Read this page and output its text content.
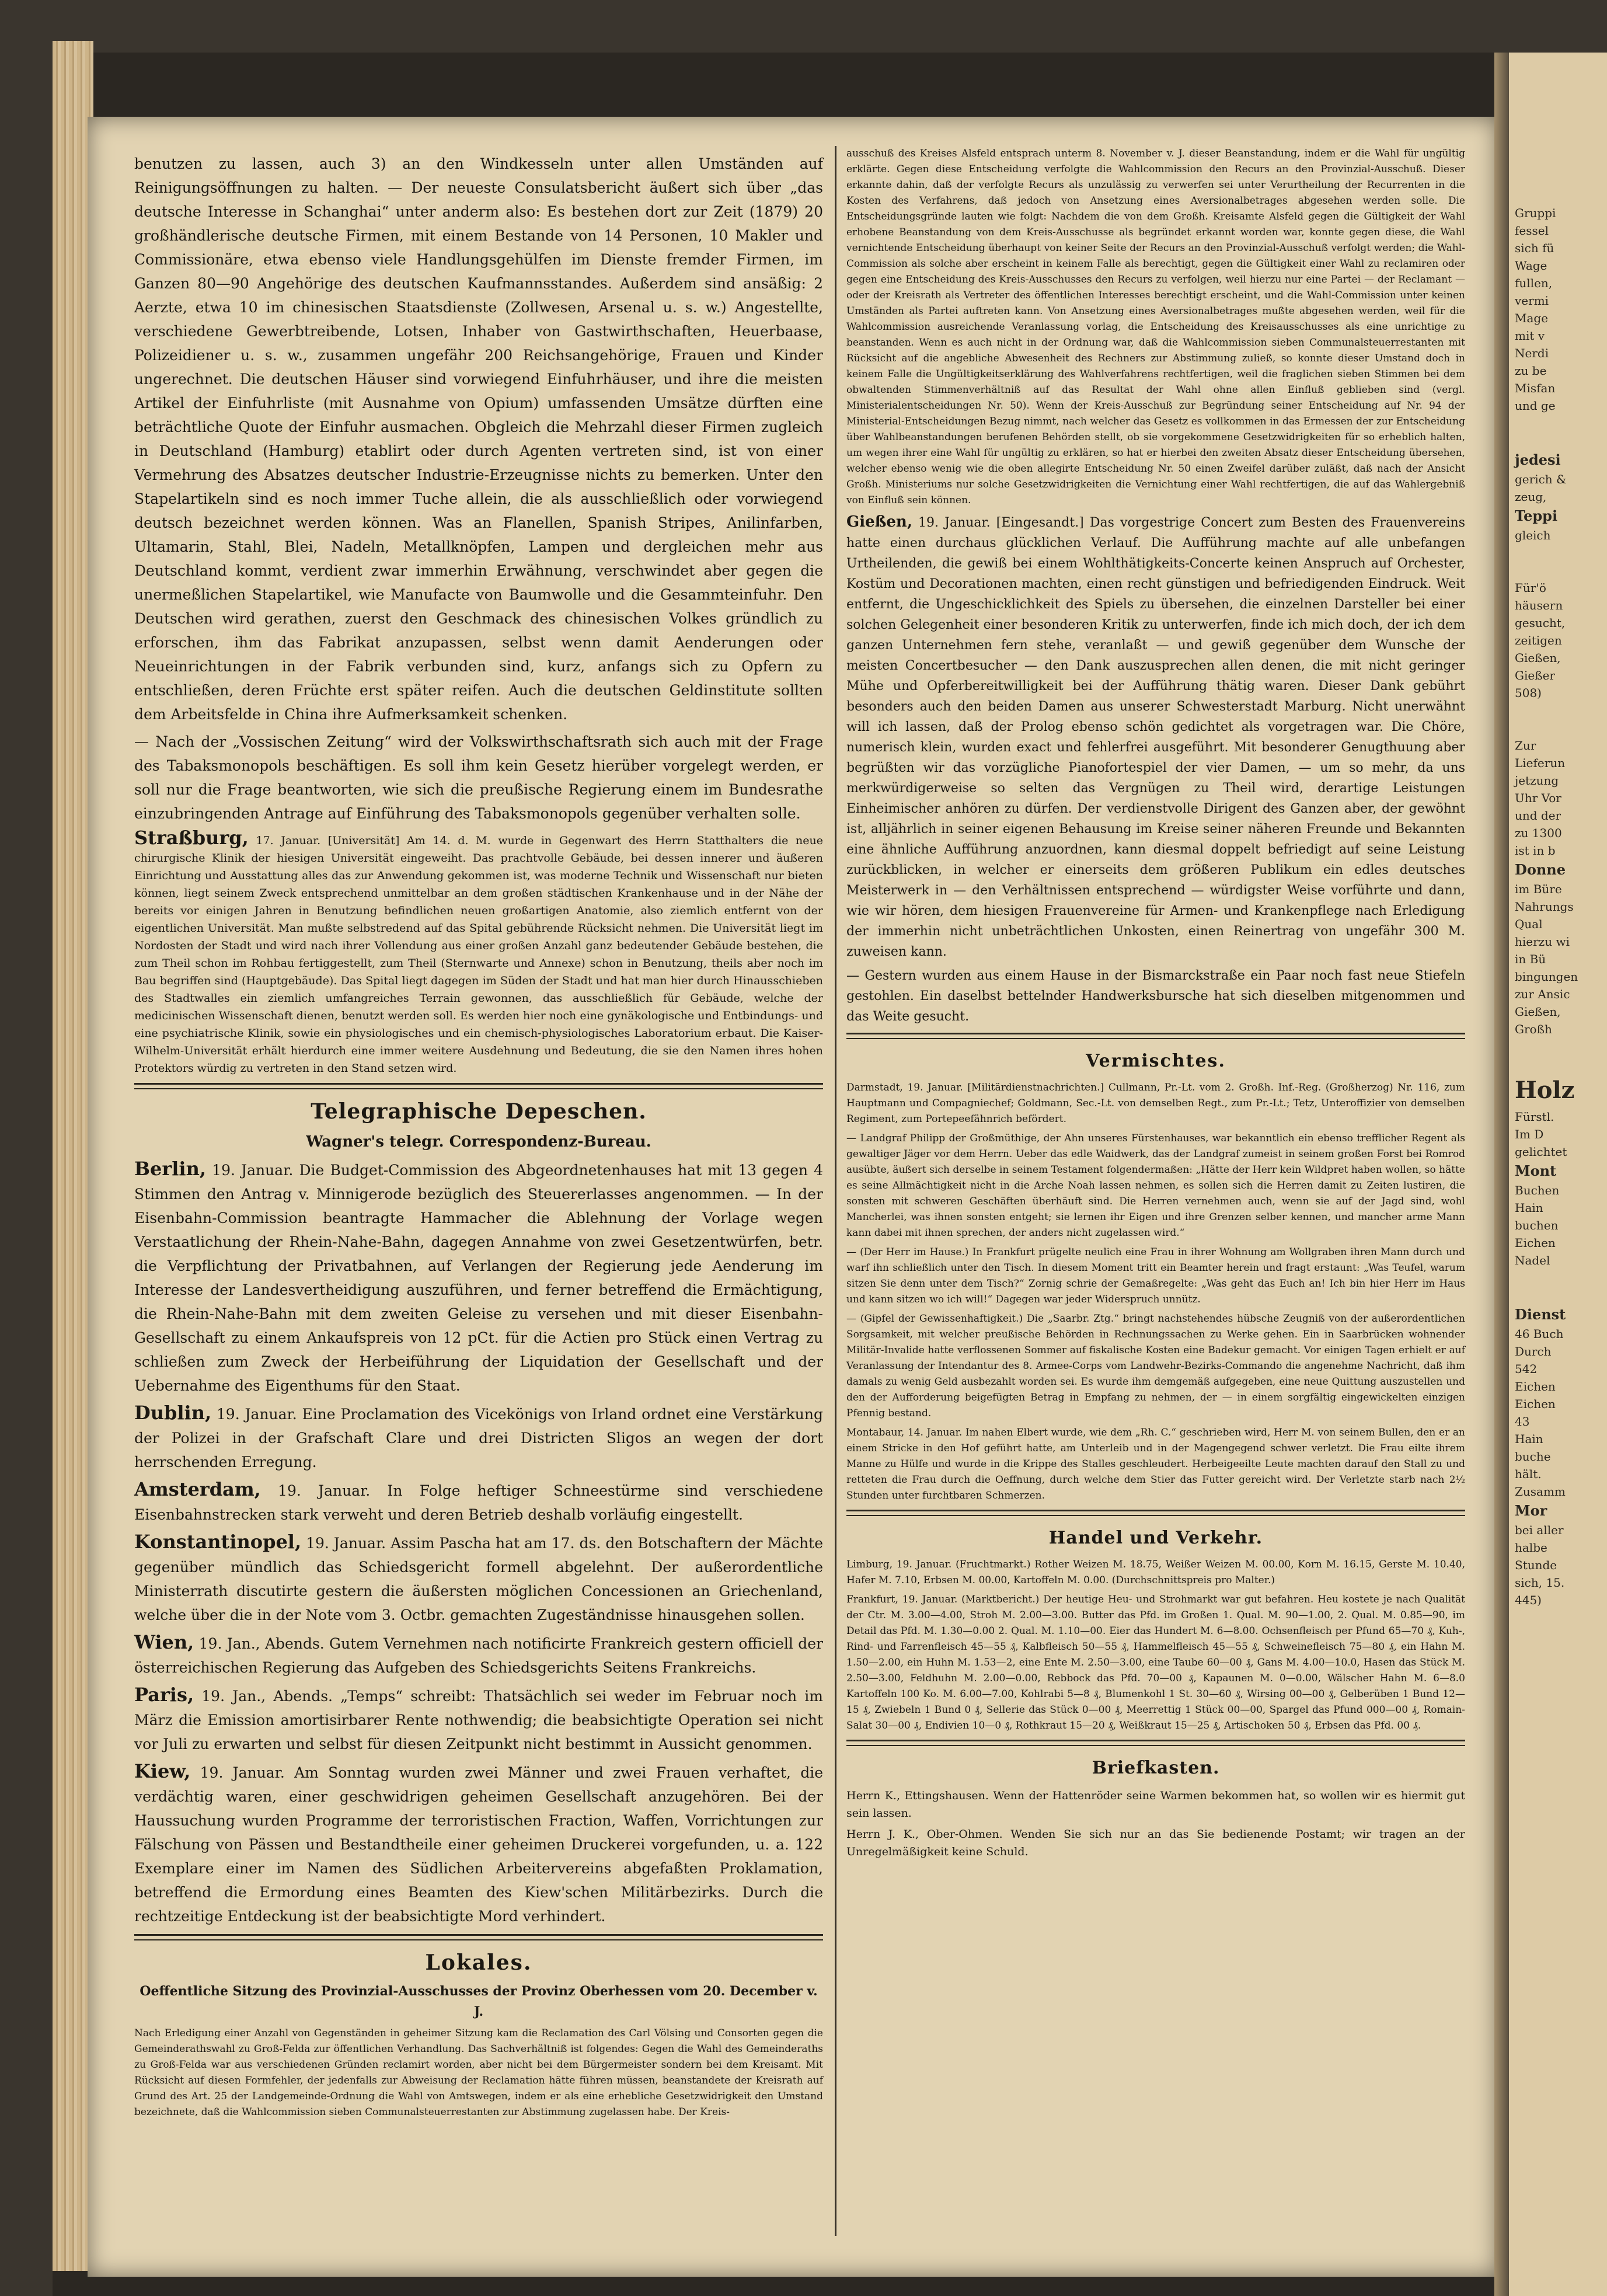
benutzen zu lassen, auch 3) an den Windkesseln unter allen Umständen auf Reinigungsöffnungen zu halten. — Der neueste Consulatsbericht äußert sich über „das deutsche Interesse in Schanghai“ unter anderm also: Es bestehen dort zur Zeit (1879) 20 großhändlerische deutsche Firmen, mit einem Bestande von 14 Personen, 10 Makler und Commissionäre, etwa ebenso viele Handlungsgehülfen im Dienste fremder Firmen, im Ganzen 80—90 Angehörige des deutschen Kaufmannsstandes. Außerdem sind ansäßig: 2 Aerzte, etwa 10 im chinesischen Staatsdienste (Zollwesen, Arsenal u. s. w.) Angestellte, verschiedene Gewerbtreibende, Lotsen, Inhaber von Gastwirthschaften, Heuerbaase, Polizeidiener u. s. w., zusammen ungefähr 200 Reichsangehörige, Frauen und Kinder ungerechnet. Die deutschen Häuser sind vorwiegend Einfuhrhäuser, und ihre die meisten Artikel der Einfuhrliste (mit Ausnahme von Opium) umfassenden Umsätze dürften eine beträchtliche Quote der Einfuhr ausmachen. Obgleich die Mehrzahl dieser Firmen zugleich in Deutschland (Hamburg) etablirt oder durch Agenten vertreten sind, ist von einer Vermehrung des Absatzes deutscher Industrie-Erzeugnisse nichts zu bemerken. Unter den Stapelartikeln sind es noch immer Tuche allein, die als ausschließlich oder vorwiegend deutsch bezeichnet werden können. Was an Flanellen, Spanish Stripes, Anilinfarben, Ultamarin, Stahl, Blei, Nadeln, Metallknöpfen, Lampen und dergleichen mehr aus Deutschland kommt, verdient zwar immerhin Erwähnung, verschwindet aber gegen die unermeßlichen Stapelartikel, wie Manufacte von Baumwolle und die Gesammteinfuhr. Den Deutschen wird gerathen, zuerst den Geschmack des chinesischen Volkes gründlich zu erforschen, ihm das Fabrikat anzupassen, selbst wenn damit Aenderungen oder Neueinrichtungen in der Fabrik verbunden sind, kurz, anfangs sich zu Opfern zu entschließen, deren Früchte erst später reifen. Auch die deutschen Geldinstitute sollten dem Arbeitsfelde in China ihre Aufmerksamkeit schenken.

— Nach der „Vossischen Zeitung“ wird der Volkswirthschaftsrath sich auch mit der Frage des Tabaksmonopols beschäftigen. Es soll ihm kein Gesetz hierüber vorgelegt werden, er soll nur die Frage beantworten, wie sich die preußische Regierung einem im Bundesrathe einzubringenden Antrage auf Einführung des Tabaksmonopols gegenüber verhalten solle.

Straßburg, 17. Januar. [Universität] Am 14. d. M. wurde in Gegenwart des Herrn Statthalters die neue chirurgische Klinik der hiesigen Universität eingeweiht. Das prachtvolle Gebäude, bei dessen innerer und äußeren Einrichtung und Ausstattung alles das zur Anwendung gekommen ist, was moderne Technik und Wissenschaft nur bieten können, liegt seinem Zweck entsprechend unmittelbar an dem großen städtischen Krankenhause und in der Nähe der bereits vor einigen Jahren in Benutzung befindlichen neuen großartigen Anatomie, also ziemlich entfernt von der eigentlichen Universität. Man mußte selbstredend auf das Spital gebührende Rücksicht nehmen. Die Universität liegt im Nordosten der Stadt und wird nach ihrer Vollendung aus einer großen Anzahl ganz bedeutender Gebäude bestehen, die zum Theil schon im Rohbau fertiggestellt, zum Theil (Sternwarte und Annexe) schon in Benutzung, theils aber noch im Bau begriffen sind (Hauptgebäude). Das Spital liegt dagegen im Süden der Stadt und hat man hier durch Hinausschieben des Stadtwalles ein ziemlich umfangreiches Terrain gewonnen, das ausschließlich für Gebäude, welche der medicinischen Wissenschaft dienen, benutzt werden soll. Es werden hier noch eine gynäkologische und Entbindungs- und eine psychiatrische Klinik, sowie ein physiologisches und ein chemisch-physiologisches Laboratorium erbaut. Die Kaiser-Wilhelm-Universität erhält hierdurch eine immer weitere Ausdehnung und Bedeutung, die sie den Namen ihres hohen Protektors würdig zu vertreten in den Stand setzen wird.

Telegraphische Depeschen.
Wagner's telegr. Correspondenz-Bureau.

Berlin, 19. Januar. Die Budget-Commission des Abgeordnetenhauses hat mit 13 gegen 4 Stimmen den Antrag v. Minnigerode bezüglich des Steuererlasses angenommen. — In der Eisenbahn-Commission beantragte Hammacher die Ablehnung der Vorlage wegen Verstaatlichung der Rhein-Nahe-Bahn, dagegen Annahme von zwei Gesetzentwürfen, betr. die Verpflichtung der Privatbahnen, auf Verlangen der Regierung jede Aenderung im Interesse der Landesvertheidigung auszuführen, und ferner betreffend die Ermächtigung, die Rhein-Nahe-Bahn mit dem zweiten Geleise zu versehen und mit dieser Eisenbahn-Gesellschaft zu einem Ankaufspreis von 12 pCt. für die Actien pro Stück einen Vertrag zu schließen zum Zweck der Herbeiführung der Liquidation der Gesellschaft und der Uebernahme des Eigenthums für den Staat.

Dublin, 19. Januar. Eine Proclamation des Vicekönigs von Irland ordnet eine Verstärkung der Polizei in der Grafschaft Clare und drei Districten Sligos an wegen der dort herrschenden Erregung.

Amsterdam, 19. Januar. In Folge heftiger Schneestürme sind verschiedene Eisenbahnstrecken stark verweht und deren Betrieb deshalb vorläufig eingestellt.

Konstantinopel, 19. Januar. Assim Pascha hat am 17. ds. den Botschaftern der Mächte gegenüber mündlich das Schiedsgericht formell abgelehnt. Der außerordentliche Ministerrath discutirte gestern die äußersten möglichen Concessionen an Griechenland, welche über die in der Note vom 3. Octbr. gemachten Zugeständnisse hinausgehen sollen.

Wien, 19. Jan., Abends. Gutem Vernehmen nach notificirte Frankreich gestern officiell der österreichischen Regierung das Aufgeben des Schiedsgerichts Seitens Frankreichs.

Paris, 19. Jan., Abends. „Temps“ schreibt: Thatsächlich sei weder im Februar noch im März die Emission amortisirbarer Rente nothwendig; die beabsichtigte Operation sei nicht vor Juli zu erwarten und selbst für diesen Zeitpunkt nicht bestimmt in Aussicht genommen.

Kiew, 19. Januar. Am Sonntag wurden zwei Männer und zwei Frauen verhaftet, die verdächtig waren, einer geschwidrigen geheimen Gesellschaft anzugehören. Bei der Haussuchung wurden Programme der terroristischen Fraction, Waffen, Vorrichtungen zur Fälschung von Pässen und Bestandtheile einer geheimen Druckerei vorgefunden, u. a. 122 Exemplare einer im Namen des Südlichen Arbeitervereins abgefaßten Proklamation, betreffend die Ermordung eines Beamten des Kiew'schen Militärbezirks. Durch die rechtzeitige Entdeckung ist der beabsichtigte Mord verhindert.

Lokales.

Oeffentliche Sitzung des Provinzial-Ausschusses der Provinz Oberhessen vom 20. December v. J.

Nach Erledigung einer Anzahl von Gegenständen in geheimer Sitzung kam die Reclamation des Carl Völsing und Consorten gegen die Gemeinderathswahl zu Groß-Felda zur öffentlichen Verhandlung. Das Sachverhältniß ist folgendes: Gegen die Wahl des Gemeinderaths zu Groß-Felda war aus verschiedenen Gründen reclamirt worden, aber nicht bei dem Bürgermeister sondern bei dem Kreisamt. Mit Rücksicht auf diesen Formfehler, der jedenfalls zur Abweisung der Reclamation hätte führen müssen, beanstandete der Kreisrath auf Grund des Art. 25 der Landgemeinde-Ordnung die Wahl von Amtswegen, indem er als eine erhebliche Gesetzwidrigkeit den Umstand bezeichnete, daß die Wahlcommission sieben Communalsteuerrestanten zur Abstimmung zugelassen habe. Der Kreis-

ausschuß des Kreises Alsfeld entsprach unterm 8. November v. J. dieser Beanstandung, indem er die Wahl für ungültig erklärte. Gegen diese Entscheidung verfolgte die Wahlcommission den Recurs an den Provinzial-Ausschuß. Dieser erkannte dahin, daß der verfolgte Recurs als unzulässig zu verwerfen sei unter Verurtheilung der Recurrenten in die Kosten des Verfahrens, daß jedoch von Ansetzung eines Aversionalbetrages abgesehen werden solle. Die Entscheidungsgründe lauten wie folgt: Nachdem die von dem Großh. Kreisamte Alsfeld gegen die Gültigkeit der Wahl erhobene Beanstandung von dem Kreis-Ausschusse als begründet erkannt worden war, konnte gegen diese, die Wahl vernichtende Entscheidung überhaupt von keiner Seite der Recurs an den Provinzial-Ausschuß verfolgt werden; die Wahl-Commission als solche aber erscheint in keinem Falle als berechtigt, gegen die Gültigkeit einer Wahl zu reclamiren oder gegen eine Entscheidung des Kreis-Ausschusses den Recurs zu verfolgen, weil hierzu nur eine Partei — der Reclamant — oder der Kreisrath als Vertreter des öffentlichen Interesses berechtigt erscheint, und die Wahl-Commission unter keinen Umständen als Partei auftreten kann. Von Ansetzung eines Aversionalbetrages mußte abgesehen werden, weil für die Wahlcommission ausreichende Veranlassung vorlag, die Entscheidung des Kreisausschusses als eine unrichtige zu beanstanden. Wenn es auch nicht in der Ordnung war, daß die Wahlcommission sieben Communalsteuerrestanten mit Rücksicht auf die angebliche Abwesenheit des Rechners zur Abstimmung zuließ, so konnte dieser Umstand doch in keinem Falle die Ungültigkeitserklärung des Wahlverfahrens rechtfertigen, weil die fraglichen sieben Stimmen bei dem obwaltenden Stimmenverhältniß auf das Resultat der Wahl ohne allen Einfluß geblieben sind (vergl. Ministerialentscheidungen Nr. 50). Wenn der Kreis-Ausschuß zur Begründung seiner Entscheidung auf Nr. 94 der Ministerial-Entscheidungen Bezug nimmt, nach welcher das Gesetz es vollkommen in das Ermessen der zur Entscheidung über Wahlbeanstandungen berufenen Behörden stellt, ob sie vorgekommene Gesetzwidrigkeiten für so erheblich halten, um wegen ihrer eine Wahl für ungültig zu erklären, so hat er hierbei den zweiten Absatz dieser Entscheidung übersehen, welcher ebenso wenig wie die oben allegirte Entscheidung Nr. 50 einen Zweifel darüber zuläßt, daß nach der Ansicht Großh. Ministeriums nur solche Gesetzwidrigkeiten die Vernichtung einer Wahl rechtfertigen, die auf das Wahlergebniß von Einfluß sein können.

Gießen, 19. Januar. [Eingesandt.] Das vorgestrige Concert zum Besten des Frauenvereins hatte einen durchaus glücklichen Verlauf. Die Aufführung machte auf alle unbefangen Urtheilenden, die gewiß bei einem Wohlthätigkeits-Concerte keinen Anspruch auf Orchester, Kostüm und Decorationen machten, einen recht günstigen und befriedigenden Eindruck. Weit entfernt, die Ungeschicklichkeit des Spiels zu übersehen, die einzelnen Darsteller bei einer solchen Gelegenheit einer besonderen Kritik zu unterwerfen, finde ich mich doch, der ich dem ganzen Unternehmen fern stehe, veranlaßt — und gewiß gegenüber dem Wunsche der meisten Concertbesucher — den Dank auszusprechen allen denen, die mit nicht geringer Mühe und Opferbereitwilligkeit bei der Aufführung thätig waren. Dieser Dank gebührt besonders auch den beiden Damen aus unserer Schwesterstadt Marburg. Nicht unerwähnt will ich lassen, daß der Prolog ebenso schön gedichtet als vorgetragen war. Die Chöre, numerisch klein, wurden exact und fehlerfrei ausgeführt. Mit besonderer Genugthuung aber begrüßten wir das vorzügliche Pianofortespiel der vier Damen, — um so mehr, da uns merkwürdigerweise so selten das Vergnügen zu Theil wird, derartige Leistungen Einheimischer anhören zu dürfen. Der verdienstvolle Dirigent des Ganzen aber, der gewöhnt ist, alljährlich in seiner eigenen Behausung im Kreise seiner näheren Freunde und Bekannten eine ähnliche Aufführung anzuordnen, kann diesmal doppelt befriedigt auf seine Leistung zurückblicken, in welcher er einerseits dem größeren Publikum ein edles deutsches Meisterwerk in — den Verhältnissen entsprechend — würdigster Weise vorführte und dann, wie wir hören, dem hiesigen Frauenvereine für Armen- und Krankenpflege nach Erledigung der immerhin nicht unbeträchtlichen Unkosten, einen Reinertrag von ungefähr 300 M. zuweisen kann.

— Gestern wurden aus einem Hause in der Bismarckstraße ein Paar noch fast neue Stiefeln gestohlen. Ein daselbst bettelnder Handwerksbursche hat sich dieselben mitgenommen und das Weite gesucht.

Vermischtes.

Darmstadt, 19. Januar. [Militärdienstnachrichten.] Cullmann, Pr.-Lt. vom 2. Großh. Inf.-Reg. (Großherzog) Nr. 116, zum Hauptmann und Compagniechef; Goldmann, Sec.-Lt. von demselben Regt., zum Pr.-Lt.; Tetz, Unteroffizier von demselben Regiment, zum Portepeefähnrich befördert.

— Landgraf Philipp der Großmüthige, der Ahn unseres Fürstenhauses, war bekanntlich ein ebenso trefflicher Regent als gewaltiger Jäger vor dem Herrn. Ueber das edle Waidwerk, das der Landgraf zumeist in seinem großen Forst bei Romrod ausübte, äußert sich derselbe in seinem Testament folgendermaßen: „Hätte der Herr kein Wildpret haben wollen, so hätte es seine Allmächtigkeit nicht in die Arche Noah lassen nehmen, es sollen sich die Herren damit zu Zeiten lustiren, die sonsten mit schweren Geschäften überhäuft sind. Die Herren vernehmen auch, wenn sie auf der Jagd sind, wohl Mancherlei, was ihnen sonsten entgeht; sie lernen ihr Eigen und ihre Grenzen selber kennen, und mancher arme Mann kann dabei mit ihnen sprechen, der anders nicht zugelassen wird.“

— (Der Herr im Hause.) In Frankfurt prügelte neulich eine Frau in ihrer Wohnung am Wollgraben ihren Mann durch und warf ihn schließlich unter den Tisch. In diesem Moment tritt ein Beamter herein und fragt erstaunt: „Was Teufel, warum sitzen Sie denn unter dem Tisch?“ Zornig schrie der Gemaßregelte: „Was geht das Euch an! Ich bin hier Herr im Haus und kann sitzen wo ich will!“ Dagegen war jeder Widerspruch unnütz.

— (Gipfel der Gewissenhaftigkeit.) Die „Saarbr. Ztg.“ bringt nachstehendes hübsche Zeugniß von der außerordentlichen Sorgsamkeit, mit welcher preußische Behörden in Rechnungssachen zu Werke gehen. Ein in Saarbrücken wohnender Militär-Invalide hatte verflossenen Sommer auf fiskalische Kosten eine Badekur gemacht. Vor einigen Tagen erhielt er auf Veranlassung der Intendantur des 8. Armee-Corps vom Landwehr-Bezirks-Commando die angenehme Nachricht, daß ihm damals zu wenig Geld ausbezahlt worden sei. Es wurde ihm demgemäß aufgegeben, eine neue Quittung auszustellen und den der Aufforderung beigefügten Betrag in Empfang zu nehmen, der — in einem sorgfältig eingewickelten einzigen Pfennig bestand.

Montabaur, 14. Januar. Im nahen Elbert wurde, wie dem „Rh. C.“ geschrieben wird, Herr M. von seinem Bullen, den er an einem Stricke in den Hof geführt hatte, am Unterleib und in der Magengegend schwer verletzt. Die Frau eilte ihrem Manne zu Hülfe und wurde in die Krippe des Stalles geschleudert. Herbeigeeilte Leute machten darauf den Stall zu und retteten die Frau durch die Oeffnung, durch welche dem Stier das Futter gereicht wird. Der Verletzte starb nach 2½ Stunden unter furchtbaren Schmerzen.

Handel und Verkehr.

Limburg, 19. Januar. (Fruchtmarkt.) Rother Weizen M. 18.75, Weißer Weizen M. 00.00, Korn M. 16.15, Gerste M. 10.40, Hafer M. 7.10, Erbsen M. 00.00, Kartoffeln M. 0.00. (Durchschnittspreis pro Malter.)

Frankfurt, 19. Januar. (Marktbericht.) Der heutige Heu- und Strohmarkt war gut befahren. Heu kostete je nach Qualität der Ctr. M. 3.00—4.00, Stroh M. 2.00—3.00. Butter das Pfd. im Großen 1. Qual. M. 90—1.00, 2. Qual. M. 0.85—90, im Detail das Pfd. M. 1.30—0.00 2. Qual. M. 1.10—00. Eier das Hundert M. 6—8.00. Ochsenfleisch per Pfund 65—70 ₰, Kuh-, Rind- und Farrenfleisch 45—55 ₰, Kalbfleisch 50—55 ₰, Hammelfleisch 45—55 ₰, Schweinefleisch 75—80 ₰, ein Hahn M. 1.50—2.00, ein Huhn M. 1.53—2, eine Ente M. 2.50—3.00, eine Taube 60—00 ₰, Gans M. 4.00—10.0, Hasen das Stück M. 2.50—3.00, Feldhuhn M. 2.00—0.00, Rebbock das Pfd. 70—00 ₰, Kapaunen M. 0—0.00, Wälscher Hahn M. 6—8.0 Kartoffeln 100 Ko. M. 6.00—7.00, Kohlrabi 5—8 ₰, Blumenkohl 1 St. 30—60 ₰, Wirsing 00—00 ₰, Gelberüben 1 Bund 12—15 ₰, Zwiebeln 1 Bund 0 ₰, Sellerie das Stück 0—00 ₰, Meerrettig 1 Stück 00—00, Spargel das Pfund 000—00 ₰, Romain-Salat 30—00 ₰, Endivien 10—0 ₰, Rothkraut 15—20 ₰, Weißkraut 15—25 ₰, Artischoken 50 ₰, Erbsen das Pfd. 00 ₰.

Briefkasten.

Herrn K., Ettingshausen. Wenn der Hattenröder seine Warmen bekommen hat, so wollen wir es hiermit gut sein lassen.

Herrn J. K., Ober-Ohmen. Wenden Sie sich nur an das Sie bedienende Postamt; wir tragen an der Unregelmäßigkeit keine Schuld.

Gruppi

fessel

sich fü

Wage

fullen,

vermi

Mage

mit v

Nerdi

zu be

Misfan

und ge

jedesi

gerich &

zeug,

Teppi

gleich

Für'ö

häusern

gesucht,

zeitigen

Gießen,

Gießer

508)

Zur

Lieferun

jetzung

Uhr Vor

und der

zu 1300

ist in b

Donne

im Büre

Nahrungs

Qual

hierzu wi

in Bü

bingungen

zur Ansic

Gießen,

Großh

Holz

Fürstl.

Im D

gelichtet

Mont

Buchen

Hain

buchen

Eichen

Nadel

Dienst

46 Buch

Durch

542

Eichen

Eichen

43

Hain

buche

hält.

Zusamm

Mor

bei aller

halbe

Stunde

sich, 15.

445)
